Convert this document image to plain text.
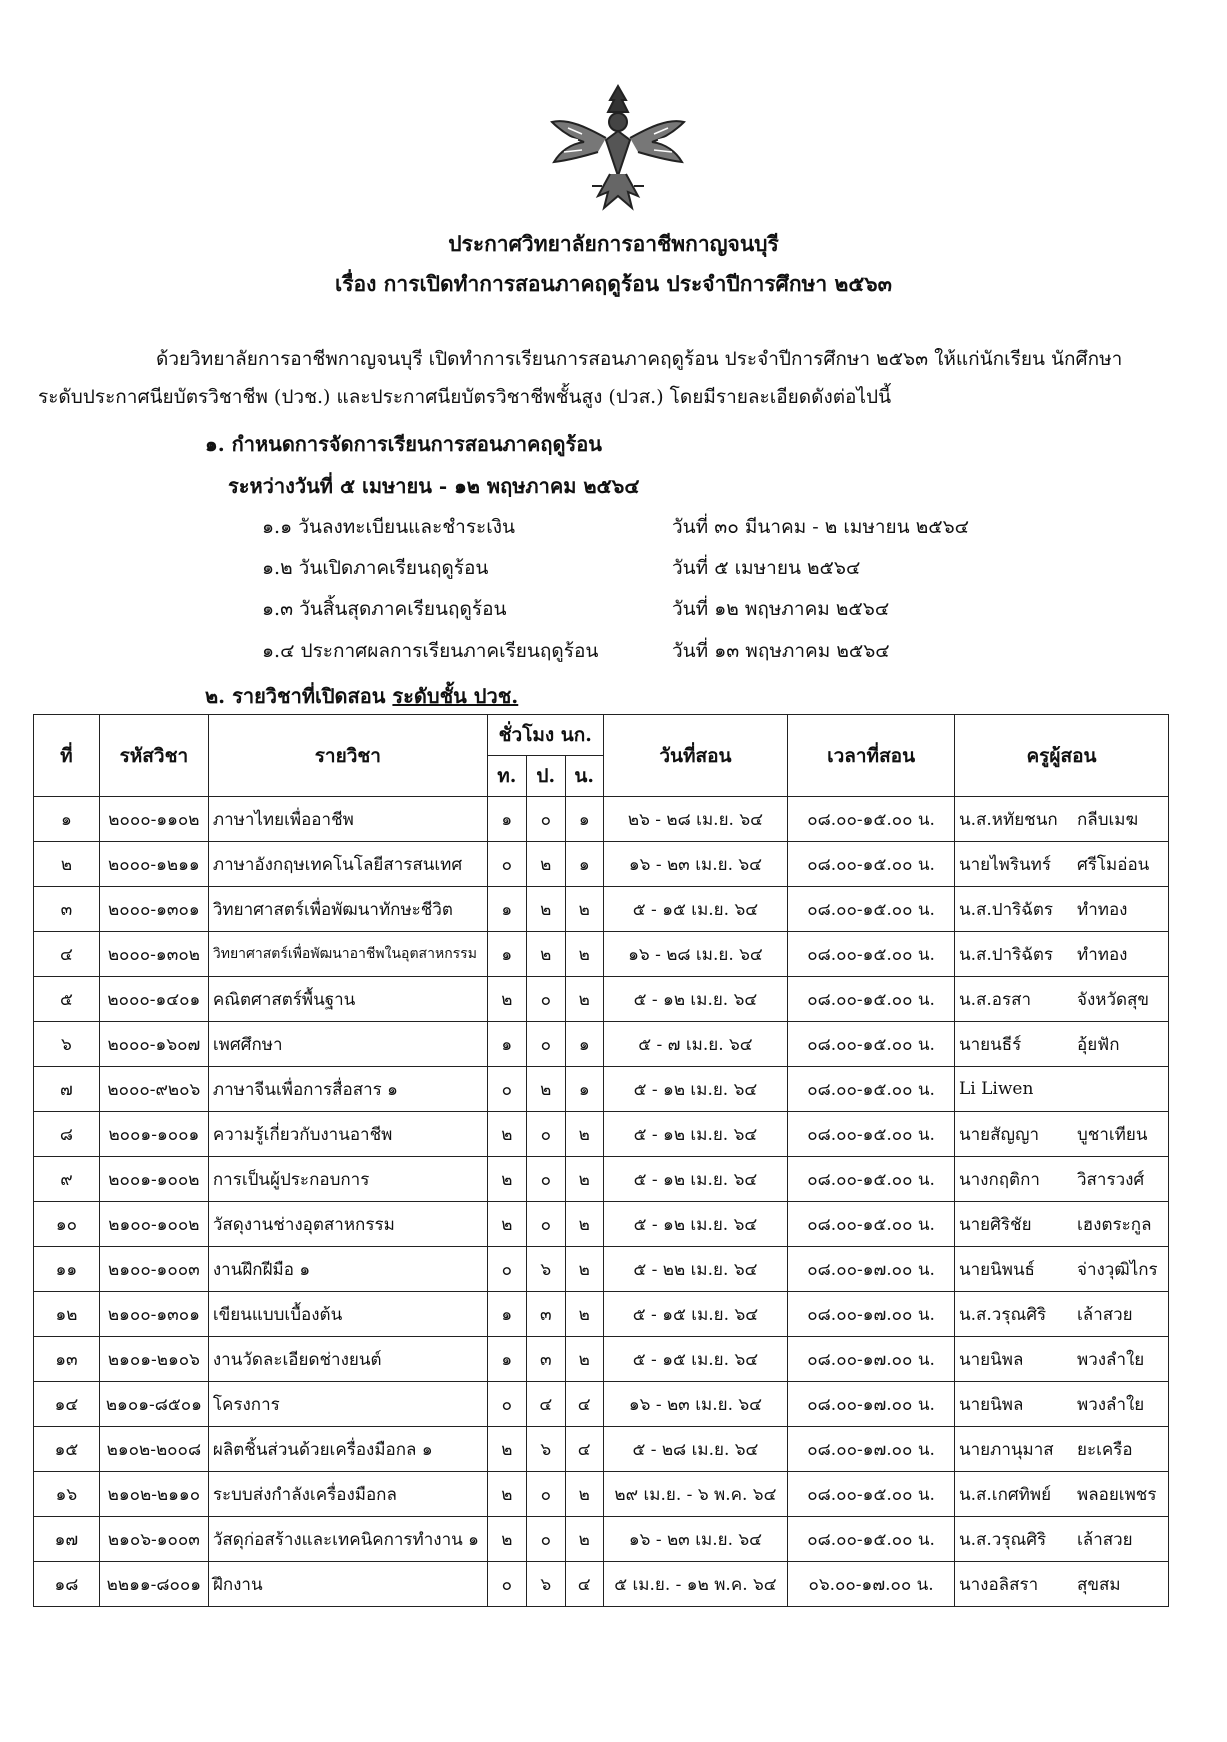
ประกาศวิทยาลัยการอาชีพกาญจนบุรี
เรื่อง การเปิดทำการสอนภาคฤดูร้อน ประจำปีการศึกษา ๒๕๖๓
ด้วยวิทยาลัยการอาชีพกาญจนบุรี เปิดทำการเรียนการสอนภาคฤดูร้อน ประจำปีการศึกษา ๒๕๖๓ ให้แก่นักเรียน นักศึกษา ระดับประกาศนียบัตรวิชาชีพ (ปวช.) และประกาศนียบัตรวิชาชีพชั้นสูง (ปวส.) โดยมีรายละเอียดดังต่อไปนี้
๑. กำหนดการจัดการเรียนการสอนภาคฤดูร้อน
ระหว่างวันที่ ๕ เมษายน - ๑๒ พฤษภาคม ๒๕๖๔
๑.๑ วันลงทะเบียนและชำระเงิน	วันที่ ๓๐ มีนาคม - ๒ เมษายน ๒๕๖๔
๑.๒ วันเปิดภาคเรียนฤดูร้อน	วันที่ ๕ เมษายน ๒๕๖๔
๑.๓ วันสิ้นสุดภาคเรียนฤดูร้อน	วันที่ ๑๒ พฤษภาคม ๒๕๖๔
๑.๔ ประกาศผลการเรียนภาคเรียนฤดูร้อน	วันที่ ๑๓ พฤษภาคม ๒๕๖๔
๒. รายวิชาที่เปิดสอน ระดับชั้น ปวช.
ที่	รหัสวิชา	รายวิชา	ชั่วโมง นก.			วันที่สอน	เวลาที่สอน	ครูผู้สอน
			ท.	ป.	น.			
๑	๒๐๐๐-๑๑๐๒	ภาษาไทยเพื่ออาชีพ	๑	๐	๑	๒๖ - ๒๘ เม.ย. ๖๔	๐๘.๐๐-๑๕.๐๐ น.	น.ส.หทัยชนก กลีบเมฆ
๒	๒๐๐๐-๑๒๑๑	ภาษาอังกฤษเทคโนโลยีสารสนเทศ	๐	๒	๑	๑๖ - ๒๓ เม.ย. ๖๔	๐๘.๐๐-๑๕.๐๐ น.	นายไพรินทร์ ศรีโมอ่อน
๓	๒๐๐๐-๑๓๐๑	วิทยาศาสตร์เพื่อพัฒนาทักษะชีวิต	๑	๒	๒	๕ - ๑๕ เม.ย. ๖๔	๐๘.๐๐-๑๕.๐๐ น.	น.ส.ปาริฉัตร ทำทอง
๔	๒๐๐๐-๑๓๐๒	วิทยาศาสตร์เพื่อพัฒนาอาชีพในอุตสาหกรรม	๑	๒	๒	๑๖ - ๒๘ เม.ย. ๖๔	๐๘.๐๐-๑๕.๐๐ น.	น.ส.ปาริฉัตร ทำทอง
๕	๒๐๐๐-๑๔๐๑	คณิตศาสตร์พื้นฐาน	๒	๐	๒	๕ - ๑๒ เม.ย. ๖๔	๐๘.๐๐-๑๕.๐๐ น.	น.ส.อรสา จังหวัดสุข
๖	๒๐๐๐-๑๖๐๗	เพศศึกษา	๑	๐	๑	๕ - ๗ เม.ย. ๖๔	๐๘.๐๐-๑๕.๐๐ น.	นายนธีร์ อุ้ยฟัก
๗	๒๐๐๐-๙๒๐๖	ภาษาจีนเพื่อการสื่อสาร ๑	๐	๒	๑	๕ - ๑๒ เม.ย. ๖๔	๐๘.๐๐-๑๕.๐๐ น.	Li Liwen
๘	๒๐๐๑-๑๐๐๑	ความรู้เกี่ยวกับงานอาชีพ	๒	๐	๒	๕ - ๑๒ เม.ย. ๖๔	๐๘.๐๐-๑๕.๐๐ น.	นายสัญญา บูชาเทียน
๙	๒๐๐๑-๑๐๐๒	การเป็นผู้ประกอบการ	๒	๐	๒	๕ - ๑๒ เม.ย. ๖๔	๐๘.๐๐-๑๕.๐๐ น.	นางกฤติกา วิสารวงศ์
๑๐	๒๑๐๐-๑๐๐๒	วัสดุงานช่างอุตสาหกรรม	๒	๐	๒	๕ - ๑๒ เม.ย. ๖๔	๐๘.๐๐-๑๕.๐๐ น.	นายศิริชัย เฮงตระกูล
๑๑	๒๑๐๐-๑๐๐๓	งานฝึกฝีมือ ๑	๐	๖	๒	๕ - ๒๒ เม.ย. ๖๔	๐๘.๐๐-๑๗.๐๐ น.	นายนิพนธ์ จ่างวุฒิไกร
๑๒	๒๑๐๐-๑๓๐๑	เขียนแบบเบื้องต้น	๑	๓	๒	๕ - ๑๕ เม.ย. ๖๔	๐๘.๐๐-๑๗.๐๐ น.	น.ส.วรุณศิริ เล้าสวย
๑๓	๒๑๐๑-๒๑๐๖	งานวัดละเอียดช่างยนต์	๑	๓	๒	๕ - ๑๕ เม.ย. ๖๔	๐๘.๐๐-๑๗.๐๐ น.	นายนิพล พวงลำใย
๑๔	๒๑๐๑-๘๕๐๑	โครงการ	๐	๔	๔	๑๖ - ๒๓ เม.ย. ๖๔	๐๘.๐๐-๑๗.๐๐ น.	นายนิพล พวงลำใย
๑๕	๒๑๐๒-๒๐๐๘	ผลิตชิ้นส่วนด้วยเครื่องมือกล ๑	๒	๖	๔	๕ - ๒๘ เม.ย. ๖๔	๐๘.๐๐-๑๗.๐๐ น.	นายภานุมาส ยะเครือ
๑๖	๒๑๐๒-๒๑๑๐	ระบบส่งกำลังเครื่องมือกล	๒	๐	๒	๒๙ เม.ย. - ๖ พ.ค. ๖๔	๐๘.๐๐-๑๕.๐๐ น.	น.ส.เกศทิพย์ พลอยเพชร
๑๗	๒๑๐๖-๑๐๐๓	วัสดุก่อสร้างและเทคนิคการทำงาน ๑	๒	๐	๒	๑๖ - ๒๓ เม.ย. ๖๔	๐๘.๐๐-๑๕.๐๐ น.	น.ส.วรุณศิริ เล้าสวย
๑๘	๒๒๑๑-๘๐๐๑	ฝึกงาน	๐	๖	๔	๕ เม.ย. - ๑๒ พ.ค. ๖๔	๐๖.๐๐-๑๗.๐๐ น.	นางอลิสรา สุขสม
